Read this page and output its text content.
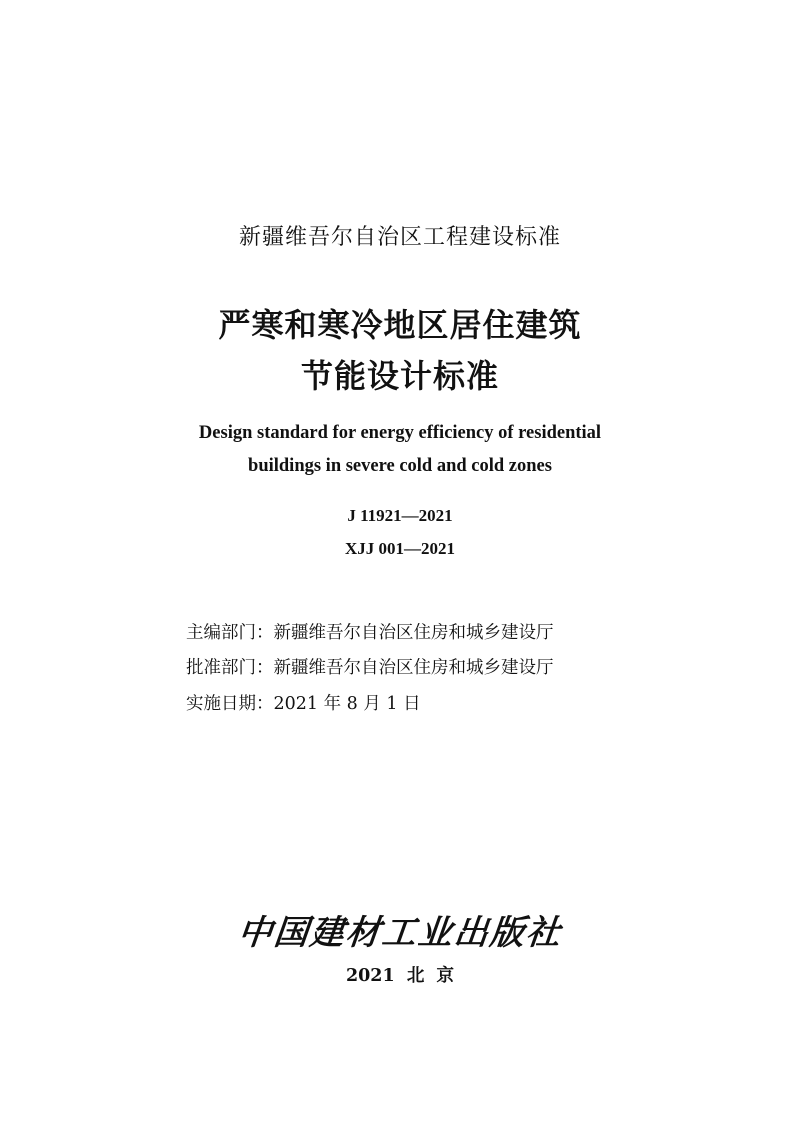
新疆维吾尔自治区工程建设标准
严寒和寒冷地区居住建筑
节能设计标准
Design standard for energy efficiency of residential
buildings in severe cold and cold zones
J 11921—2021
XJJ 001—2021
主编部门：新疆维吾尔自治区住房和城乡建设厅
批准部门：新疆维吾尔自治区住房和城乡建设厅
实施日期：2021 年 8 月 1 日
中国建材工业出版社
2021  北  京
